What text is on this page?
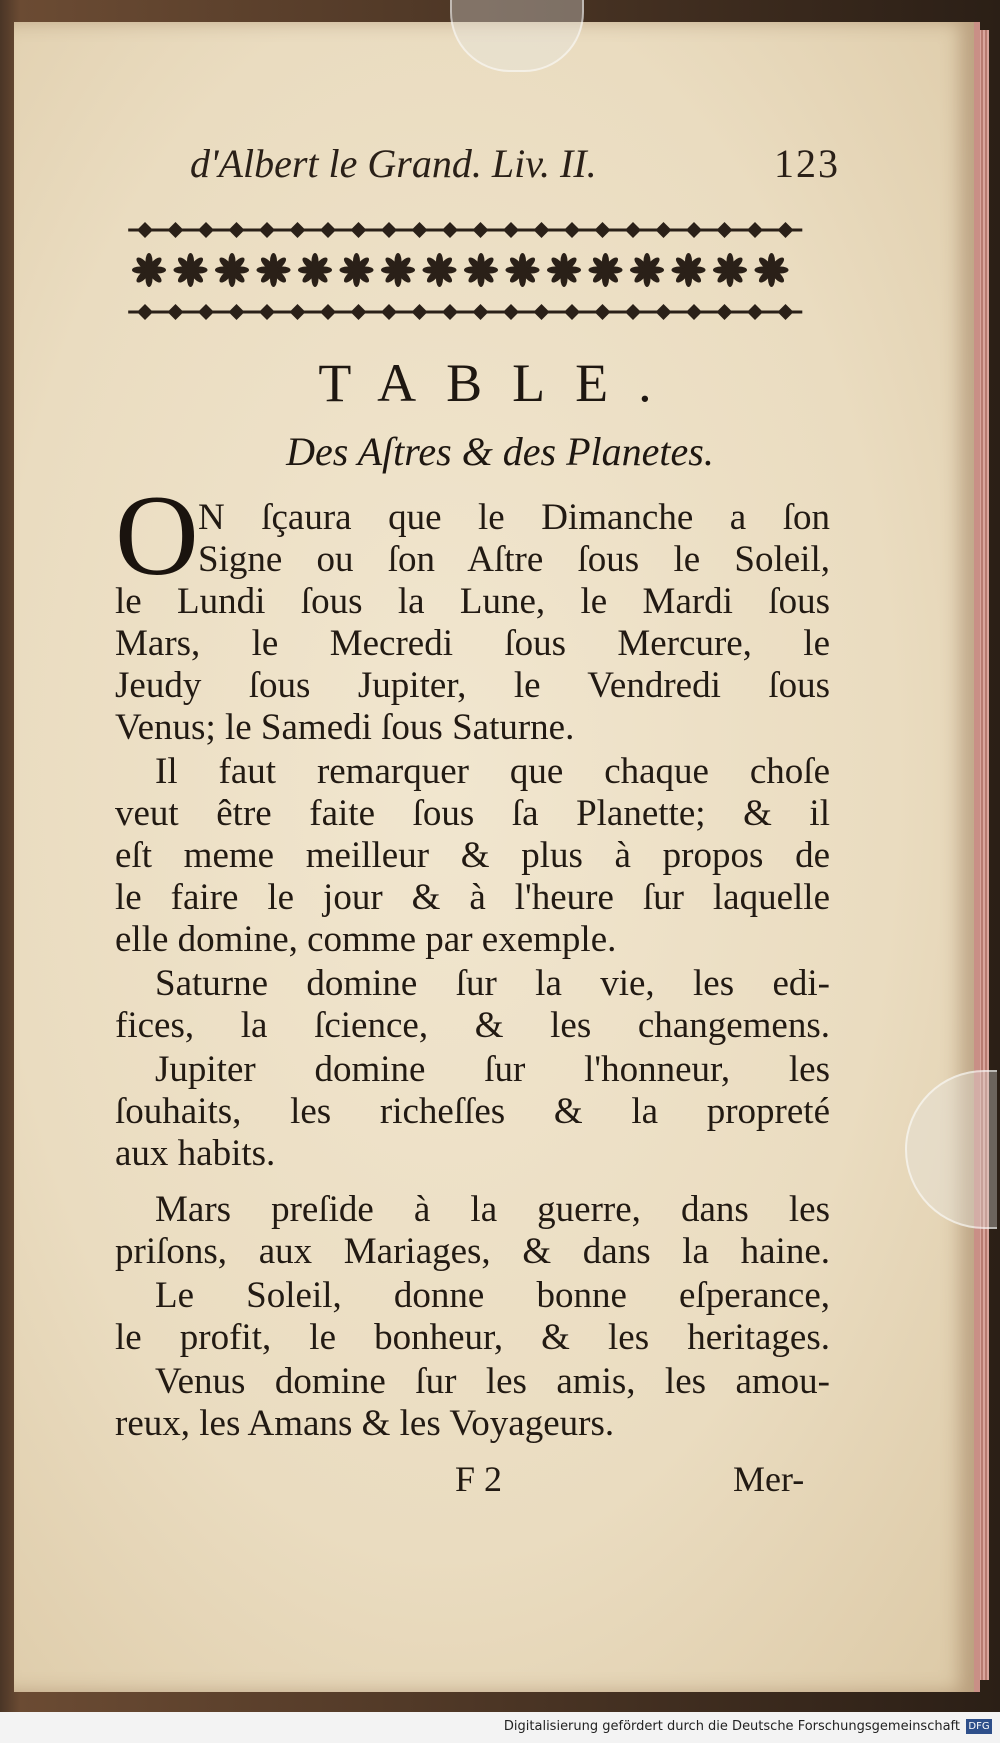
d'Albert le Grand. Liv. II.	123
TABLE.
Des Aſtres & des Planetes.
O N ſçaura que le Dimanche a ſon
Signe ou ſon Aſtre ſous le Soleil,
le Lundi ſous la Lune, le Mardi ſous
Mars, le Mecredi ſous Mercure, le
Jeudy ſous Jupiter, le Vendredi ſous
Venus; le Samedi ſous Saturne.
Il faut remarquer que chaque choſe
veut être faite ſous ſa Planette; & il
eſt meme meilleur & plus à propos de
le faire le jour & à l'heure ſur laquelle
elle domine, comme par exemple.
Saturne domine ſur la vie, les edi-
fices, la ſcience, & les changemens.
Jupiter domine ſur l'honneur, les
ſouhaits, les richeſſes & la propreté
aux habits.
Mars preſide à la guerre, dans les
priſons, aux Mariages, & dans la haine.
Le Soleil, donne bonne eſperance,
le profit, le bonheur, & les heritages.
Venus domine ſur les amis, les amou-
reux, les Amans & les Voyageurs.
F 2	Mer-
Digitalisierung gefördert durch die Deutsche Forschungsgemeinschaft DFG
